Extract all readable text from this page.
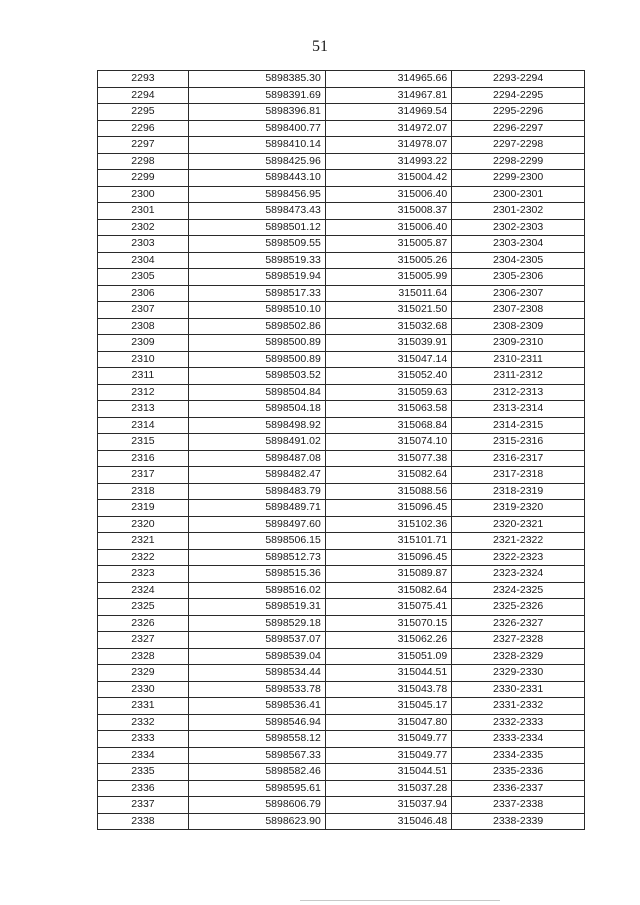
51
2293	5898385.30	314965.66	2293-2294
2294	5898391.69	314967.81	2294-2295
2295	5898396.81	314969.54	2295-2296
2296	5898400.77	314972.07	2296-2297
2297	5898410.14	314978.07	2297-2298
2298	5898425.96	314993.22	2298-2299
2299	5898443.10	315004.42	2299-2300
2300	5898456.95	315006.40	2300-2301
2301	5898473.43	315008.37	2301-2302
2302	5898501.12	315006.40	2302-2303
2303	5898509.55	315005.87	2303-2304
2304	5898519.33	315005.26	2304-2305
2305	5898519.94	315005.99	2305-2306
2306	5898517.33	315011.64	2306-2307
2307	5898510.10	315021.50	2307-2308
2308	5898502.86	315032.68	2308-2309
2309	5898500.89	315039.91	2309-2310
2310	5898500.89	315047.14	2310-2311
2311	5898503.52	315052.40	2311-2312
2312	5898504.84	315059.63	2312-2313
2313	5898504.18	315063.58	2313-2314
2314	5898498.92	315068.84	2314-2315
2315	5898491.02	315074.10	2315-2316
2316	5898487.08	315077.38	2316-2317
2317	5898482.47	315082.64	2317-2318
2318	5898483.79	315088.56	2318-2319
2319	5898489.71	315096.45	2319-2320
2320	5898497.60	315102.36	2320-2321
2321	5898506.15	315101.71	2321-2322
2322	5898512.73	315096.45	2322-2323
2323	5898515.36	315089.87	2323-2324
2324	5898516.02	315082.64	2324-2325
2325	5898519.31	315075.41	2325-2326
2326	5898529.18	315070.15	2326-2327
2327	5898537.07	315062.26	2327-2328
2328	5898539.04	315051.09	2328-2329
2329	5898534.44	315044.51	2329-2330
2330	5898533.78	315043.78	2330-2331
2331	5898536.41	315045.17	2331-2332
2332	5898546.94	315047.80	2332-2333
2333	5898558.12	315049.77	2333-2334
2334	5898567.33	315049.77	2334-2335
2335	5898582.46	315044.51	2335-2336
2336	5898595.61	315037.28	2336-2337
2337	5898606.79	315037.94	2337-2338
2338	5898623.90	315046.48	2338-2339
